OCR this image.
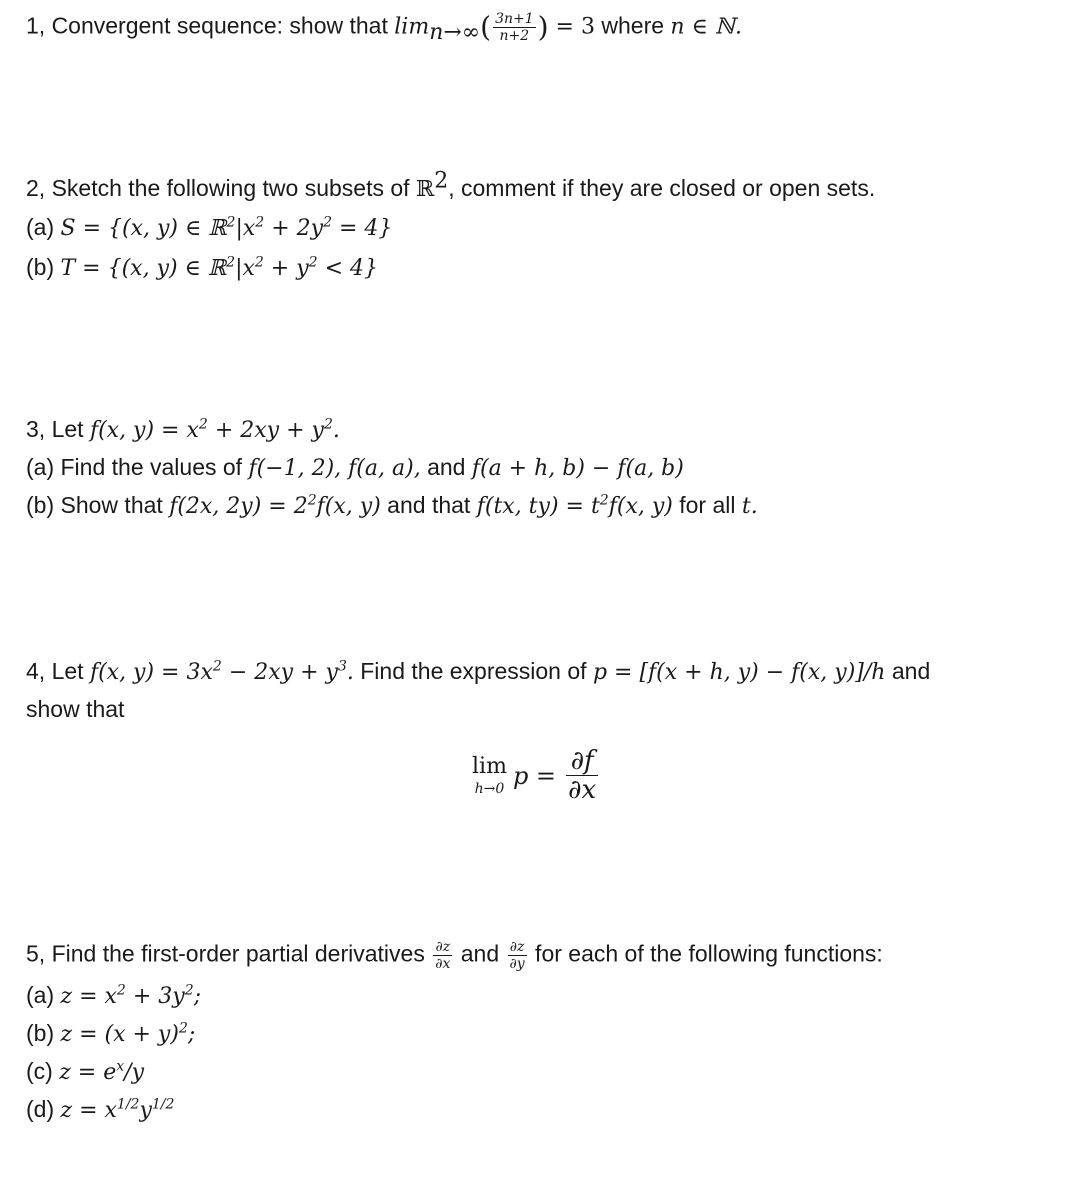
1, Convergent sequence: show that $\lim_{n\to\infty}( \frac{3n+1}{n+2}$ ) = 3 where n ∈ ℕ.
2, Sketch the following two subsets of ℝ$^2$, comment if they are closed or open sets.
(a) S = {(x, y) ∈ $ℝ^2|x^2 + 2y^2 = 4$}
(b) T = {(x, y) ∈ $ℝ^2|x^2 + y^2 < 4$}
3, Let f(x, $y) = x^2 + 2xy + y^2$.
(a) Find the values of f(−1, 2), f(a, a), and f(a + h, b) − f(a, b)
(b) Show that f(2x, $2y) = 2^2f(x$, y) and that f(tx, $ty) = t^2f(x$, y) for all t.
4, Let f(x, $y) = 3x^2 - 2xy + y^3$. Find the expression of p = [f(x + h, y) − f(x, y)]/h and
show that
lim
h→0 $p = \frac{\partial f}{\partial x}$
5, Find the first-order partial derivatives $\frac{\partial z}{\partial x}$ and $\frac{\partial z}{\partial y}$ for each of the following functions:
(a) $z = x^2 + 3y^2$;
(b) $z = (x + y)^2$;
(c) $z = e^x/y$
(d) $z = x^{1/2}y^{1/2}$
